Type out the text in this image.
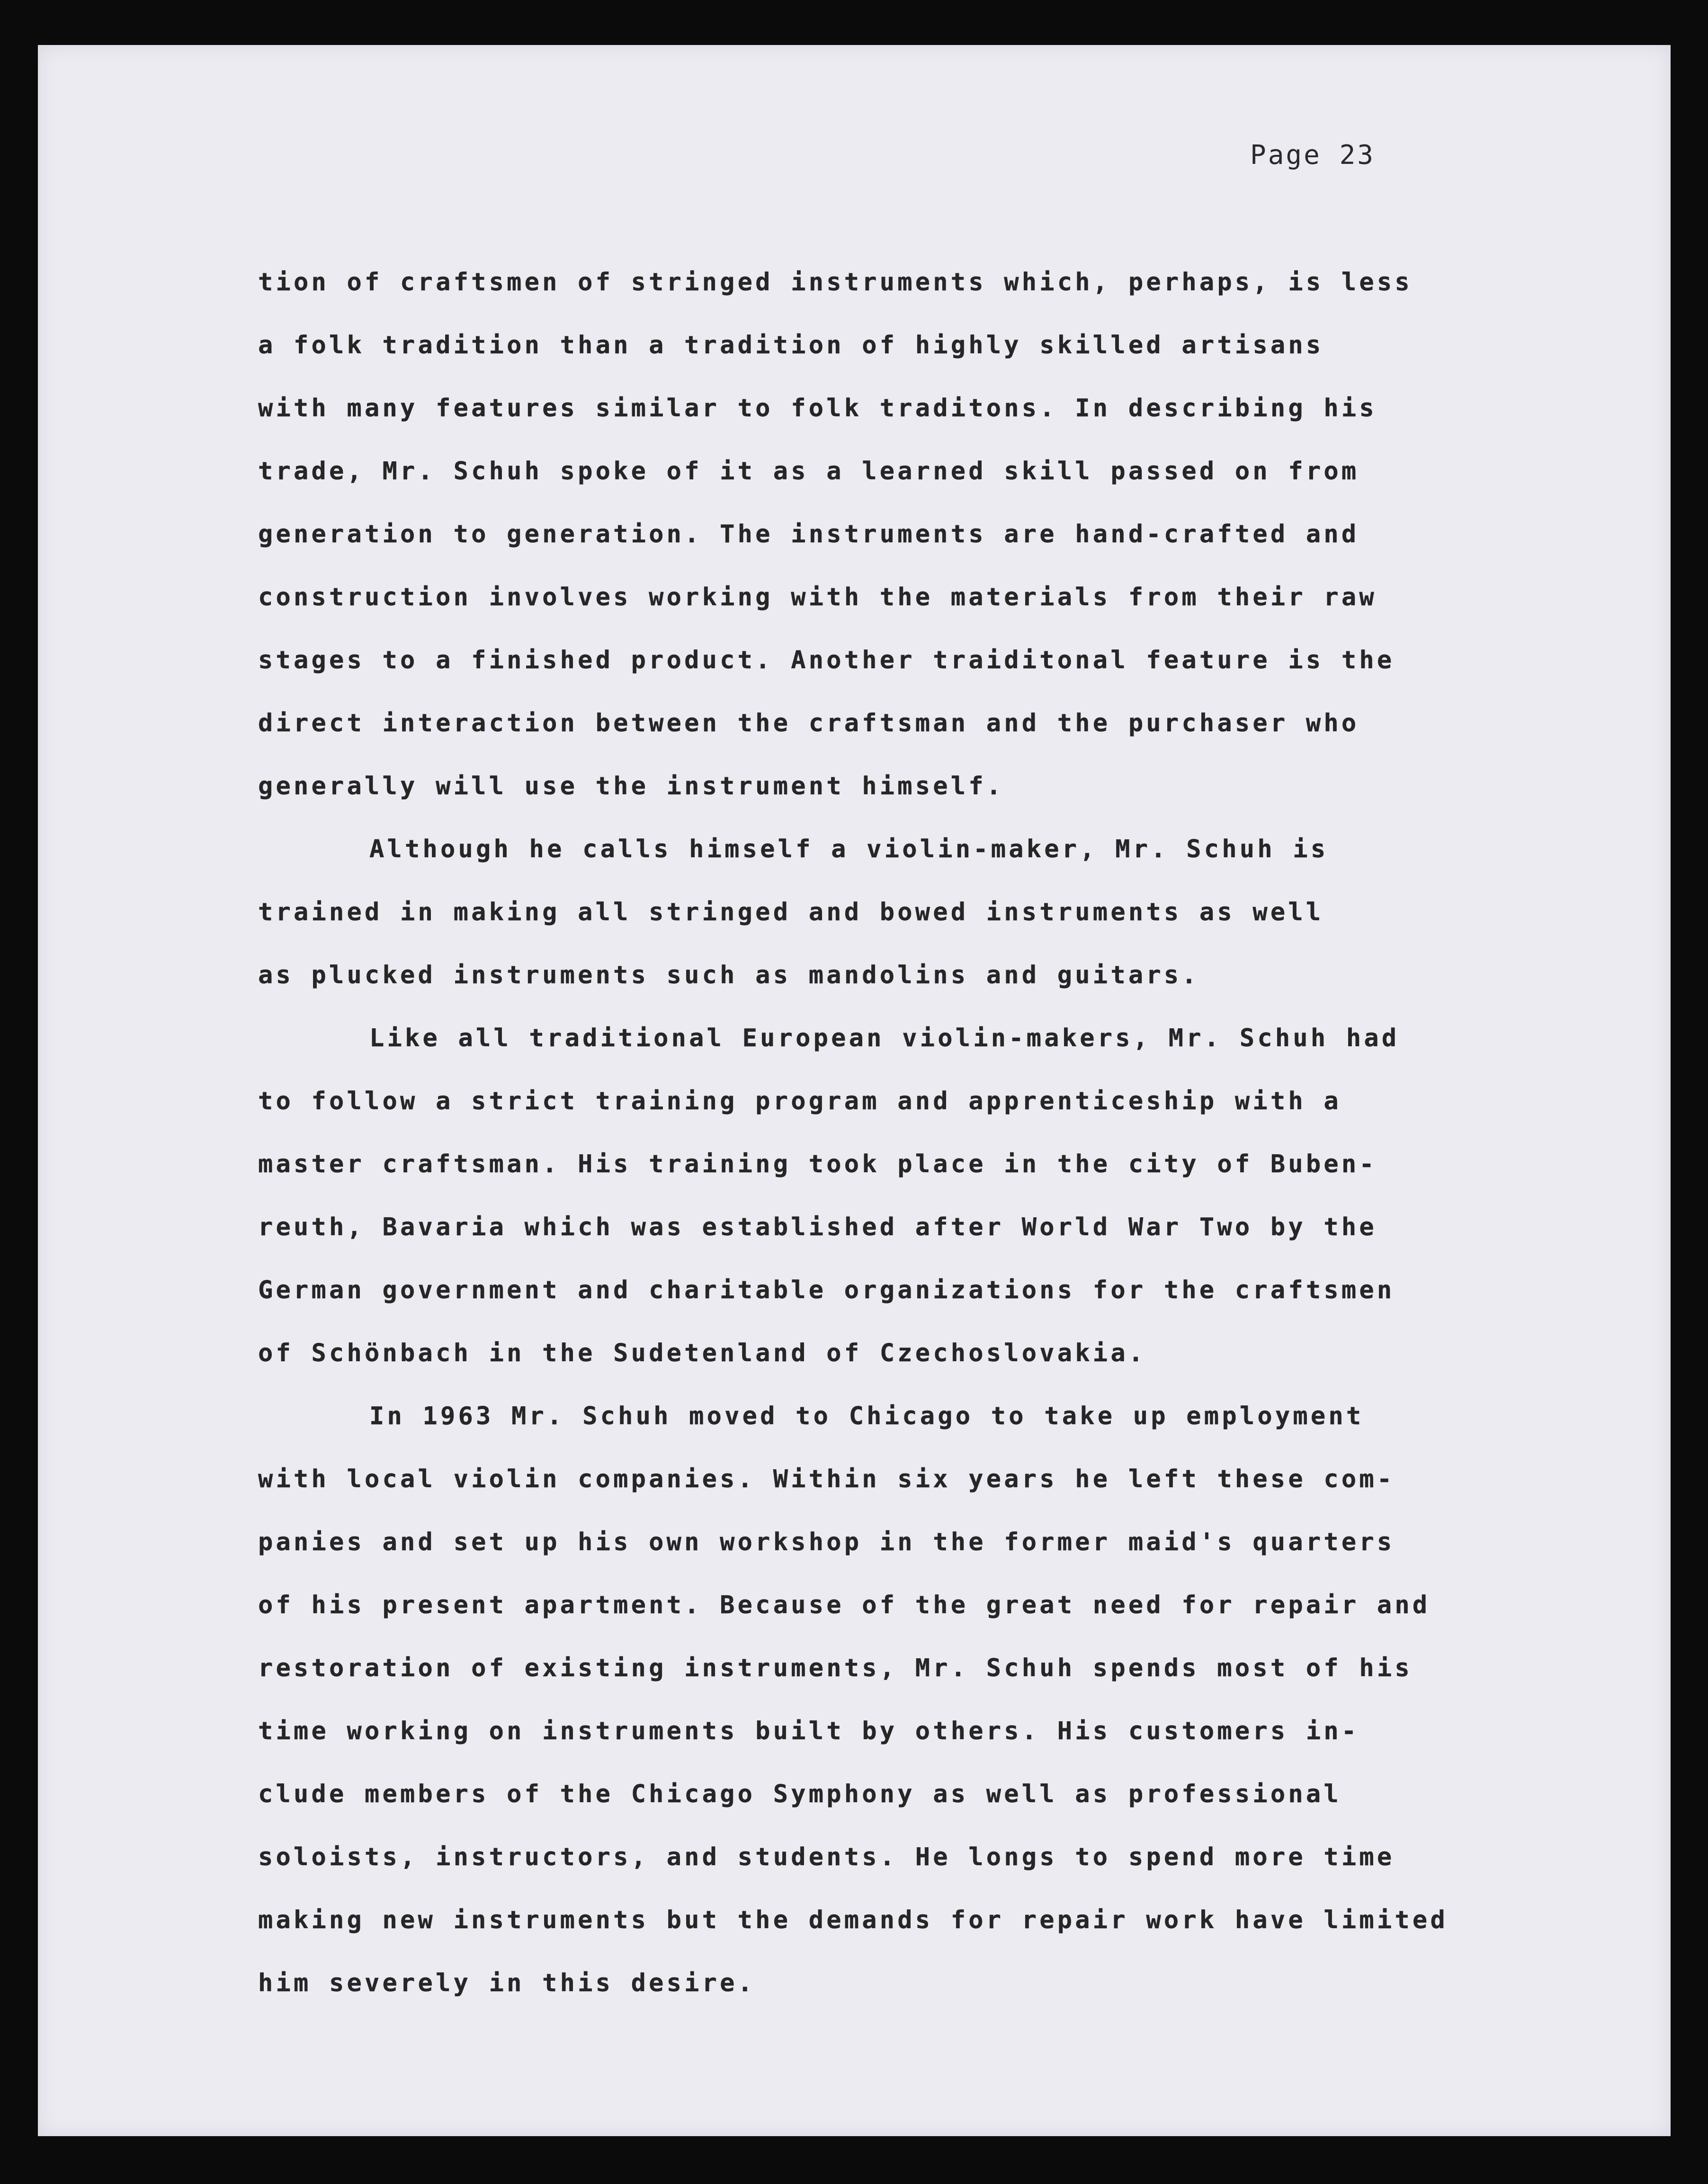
Page 23
tion of craftsmen of stringed instruments which, perhaps, is less
a folk tradition than a tradition of highly skilled artisans
with many features similar to folk traditons. In describing his
trade, Mr. Schuh spoke of it as a learned skill passed on from
generation to generation. The instruments are hand-crafted and
construction involves working with the materials from their raw
stages to a finished product. Another traiditonal feature is the
direct interaction between the craftsman and the purchaser who
generally will use the instrument himself.
Although he calls himself a violin-maker, Mr. Schuh is
trained in making all stringed and bowed instruments as well
as plucked instruments such as mandolins and guitars.
Like all traditional European violin-makers, Mr. Schuh had
to follow a strict training program and apprenticeship with a
master craftsman. His training took place in the city of Buben-
reuth, Bavaria which was established after World War Two by the
German government and charitable organizations for the craftsmen
of Schönbach in the Sudetenland of Czechoslovakia.
In 1963 Mr. Schuh moved to Chicago to take up employment
with local violin companies. Within six years he left these com-
panies and set up his own workshop in the former maid's quarters
of his present apartment. Because of the great need for repair and
restoration of existing instruments, Mr. Schuh spends most of his
time working on instruments built by others. His customers in-
clude members of the Chicago Symphony as well as professional
soloists, instructors, and students. He longs to spend more time
making new instruments but the demands for repair work have limited
him severely in this desire.
